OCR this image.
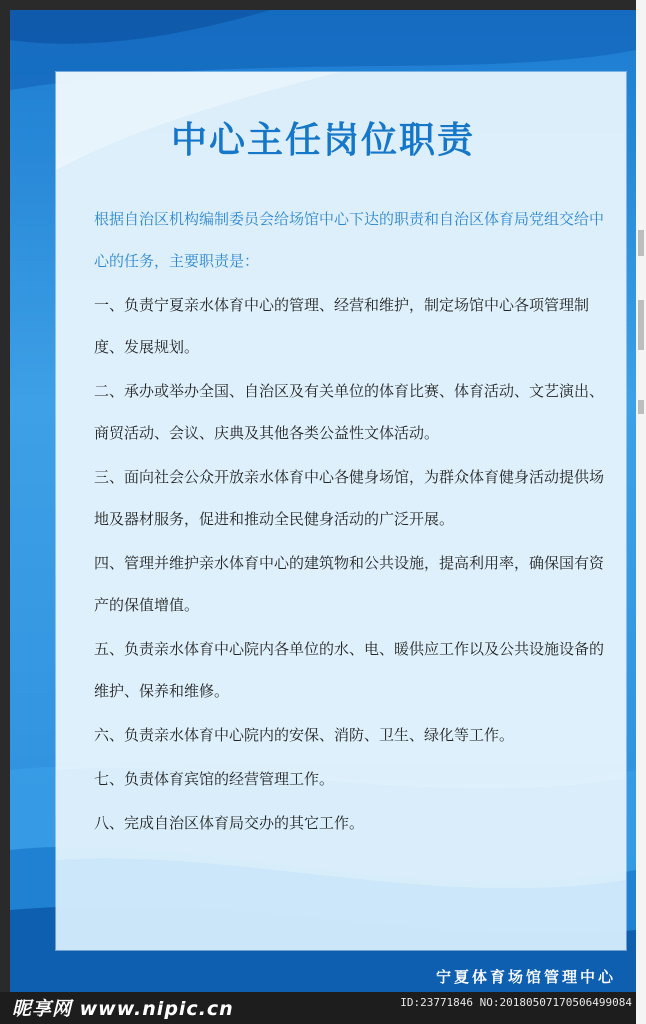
中心主任岗位职责

根据自治区机构编制委员会给场馆中心下达的职责和自治区体育局党组交给中心的任务，主要职责是：

一、负责宁夏亲水体育中心的管理、经营和维护，制定场馆中心各项管理制度、发展规划。
二、承办或举办全国、自治区及有关单位的体育比赛、体育活动、文艺演出、商贸活动、会议、庆典及其他各类公益性文体活动。
三、面向社会公众开放亲水体育中心各健身场馆，为群众体育健身活动提供场地及器材服务，促进和推动全民健身活动的广泛开展。
四、管理并维护亲水体育中心的建筑物和公共设施，提高利用率，确保国有资产的保值增值。
五、负责亲水体育中心院内各单位的水、电、暖供应工作以及公共设施设备的维护、保养和维修。
六、负责亲水体育中心院内的安保、消防、卫生、绿化等工作。
七、负责体育宾馆的经营管理工作。
八、完成自治区体育局交办的其它工作。
宁夏体育场馆管理中心
昵享网 www.nipic.cn	ID:23771846 NO:20180507170506499084
